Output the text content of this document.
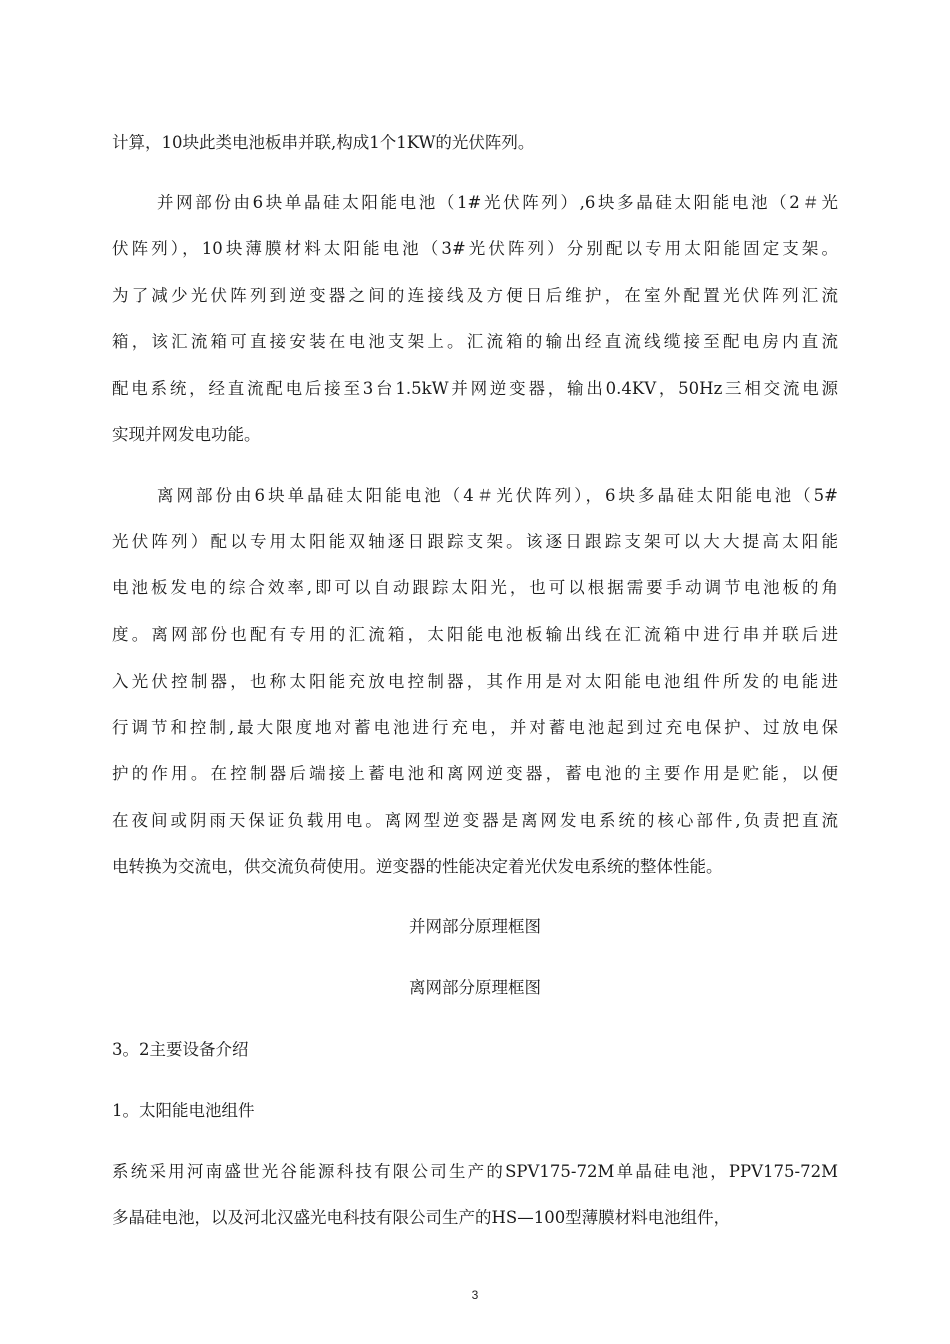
计算，10块此类电池板串并联,构成1个1KW的光伏阵列。
并网部份由6块单晶硅太阳能电池（1#光伏阵列）,6块多晶硅太阳能电池（2＃光
伏阵列），10块薄膜材料太阳能电池（3#光伏阵列）分别配以专用太阳能固定支架。
为了减少光伏阵列到逆变器之间的连接线及方便日后维护，在室外配置光伏阵列汇流
箱，该汇流箱可直接安装在电池支架上。汇流箱的输出经直流线缆接至配电房内直流
配电系统，经直流配电后接至3台1.5kW并网逆变器，输出0.4KV，50Hz三相交流电源
实现并网发电功能。
离网部份由6块单晶硅太阳能电池（4＃光伏阵列），6块多晶硅太阳能电池（5#
光伏阵列）配以专用太阳能双轴逐日跟踪支架。该逐日跟踪支架可以大大提高太阳能
电池板发电的综合效率,即可以自动跟踪太阳光，也可以根据需要手动调节电池板的角
度。离网部份也配有专用的汇流箱，太阳能电池板输出线在汇流箱中进行串并联后进
入光伏控制器，也称太阳能充放电控制器，其作用是对太阳能电池组件所发的电能进
行调节和控制,最大限度地对蓄电池进行充电，并对蓄电池起到过充电保护、过放电保
护的作用。在控制器后端接上蓄电池和离网逆变器，蓄电池的主要作用是贮能，以便
在夜间或阴雨天保证负载用电。离网型逆变器是离网发电系统的核心部件,负责把直流
电转换为交流电，供交流负荷使用。逆变器的性能决定着光伏发电系统的整体性能。
并网部分原理框图
离网部分原理框图
3。2主要设备介绍
1。太阳能电池组件
系统采用河南盛世光谷能源科技有限公司生产的SPV175-72M单晶硅电池，PPV175-72M
多晶硅电池，以及河北汉盛光电科技有限公司生产的HS—100型薄膜材料电池组件，
3
